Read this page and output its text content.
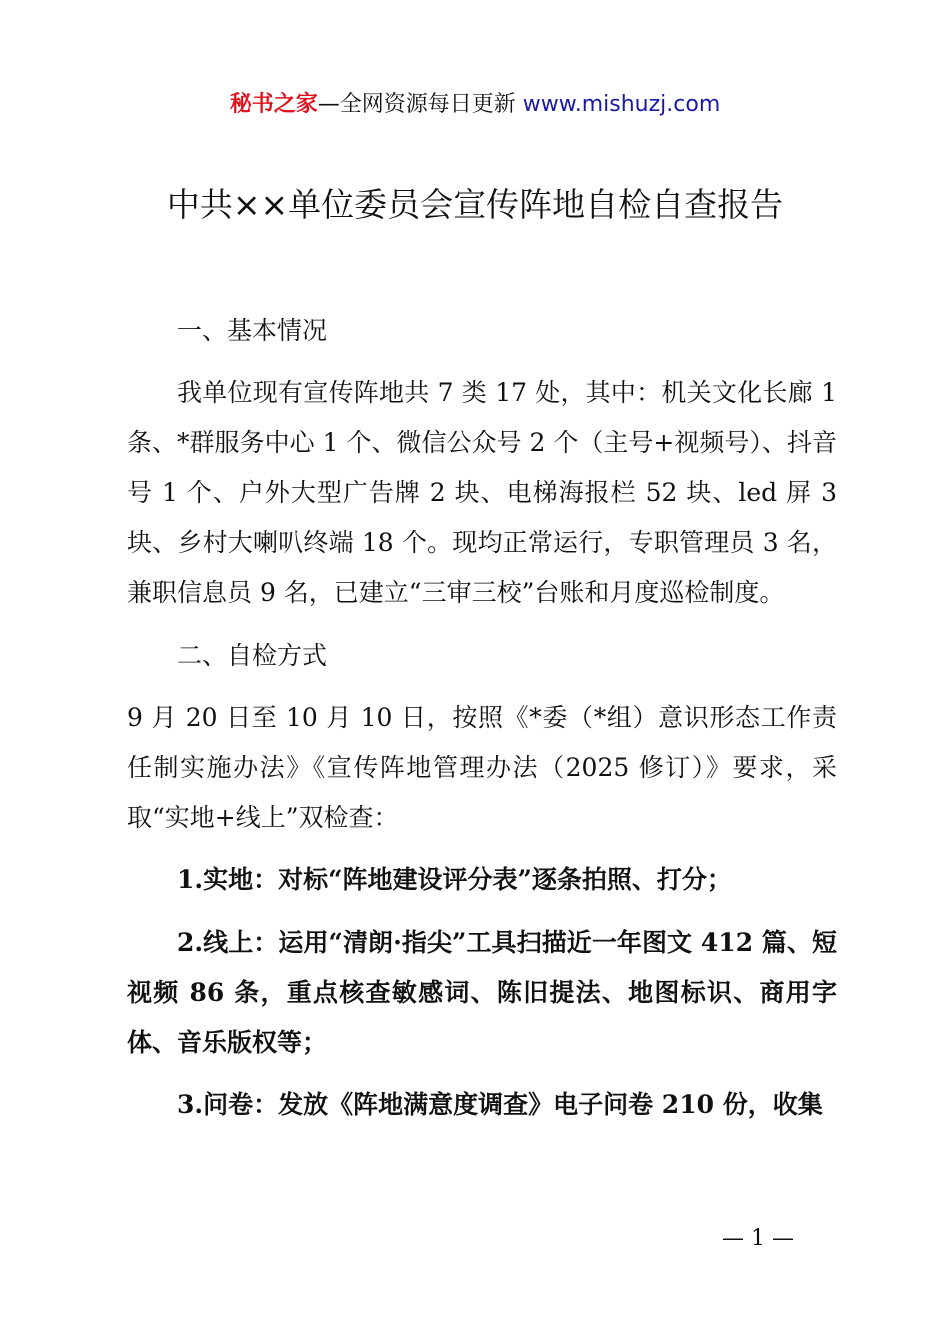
秘书之家—全网资源每日更新 www.mishuzj.com
中共××单位委员会宣传阵地自检自查报告

一、基本情况

我单位现有宣传阵地共 7 类 17 处，其中：机关文化长廊 1 条、*群服务中心 1 个、微信公众号 2 个（主号+视频号）、抖音号 1 个、户外大型广告牌 2 块、电梯海报栏 52 块、led 屏 3 块、乡村大喇叭终端 18 个。现均正常运行，专职管理员 3 名，兼职信息员 9 名，已建立“三审三校”台账和月度巡检制度。

二、自检方式

9 月 20 日至 10 月 10 日，按照《*委（*组）意识形态工作责任制实施办法》《宣传阵地管理办法（2025 修订）》要求，采取“实地+线上”双检查：

1.实地：对标“阵地建设评分表”逐条拍照、打分；

2.线上：运用“清朗·指尖”工具扫描近一年图文 412 篇、短视频 86 条，重点核查敏感词、陈旧提法、地图标识、商用字体、音乐版权等；

3.问卷：发放《阵地满意度调查》电子问卷 210 份，收集

— 1 —
